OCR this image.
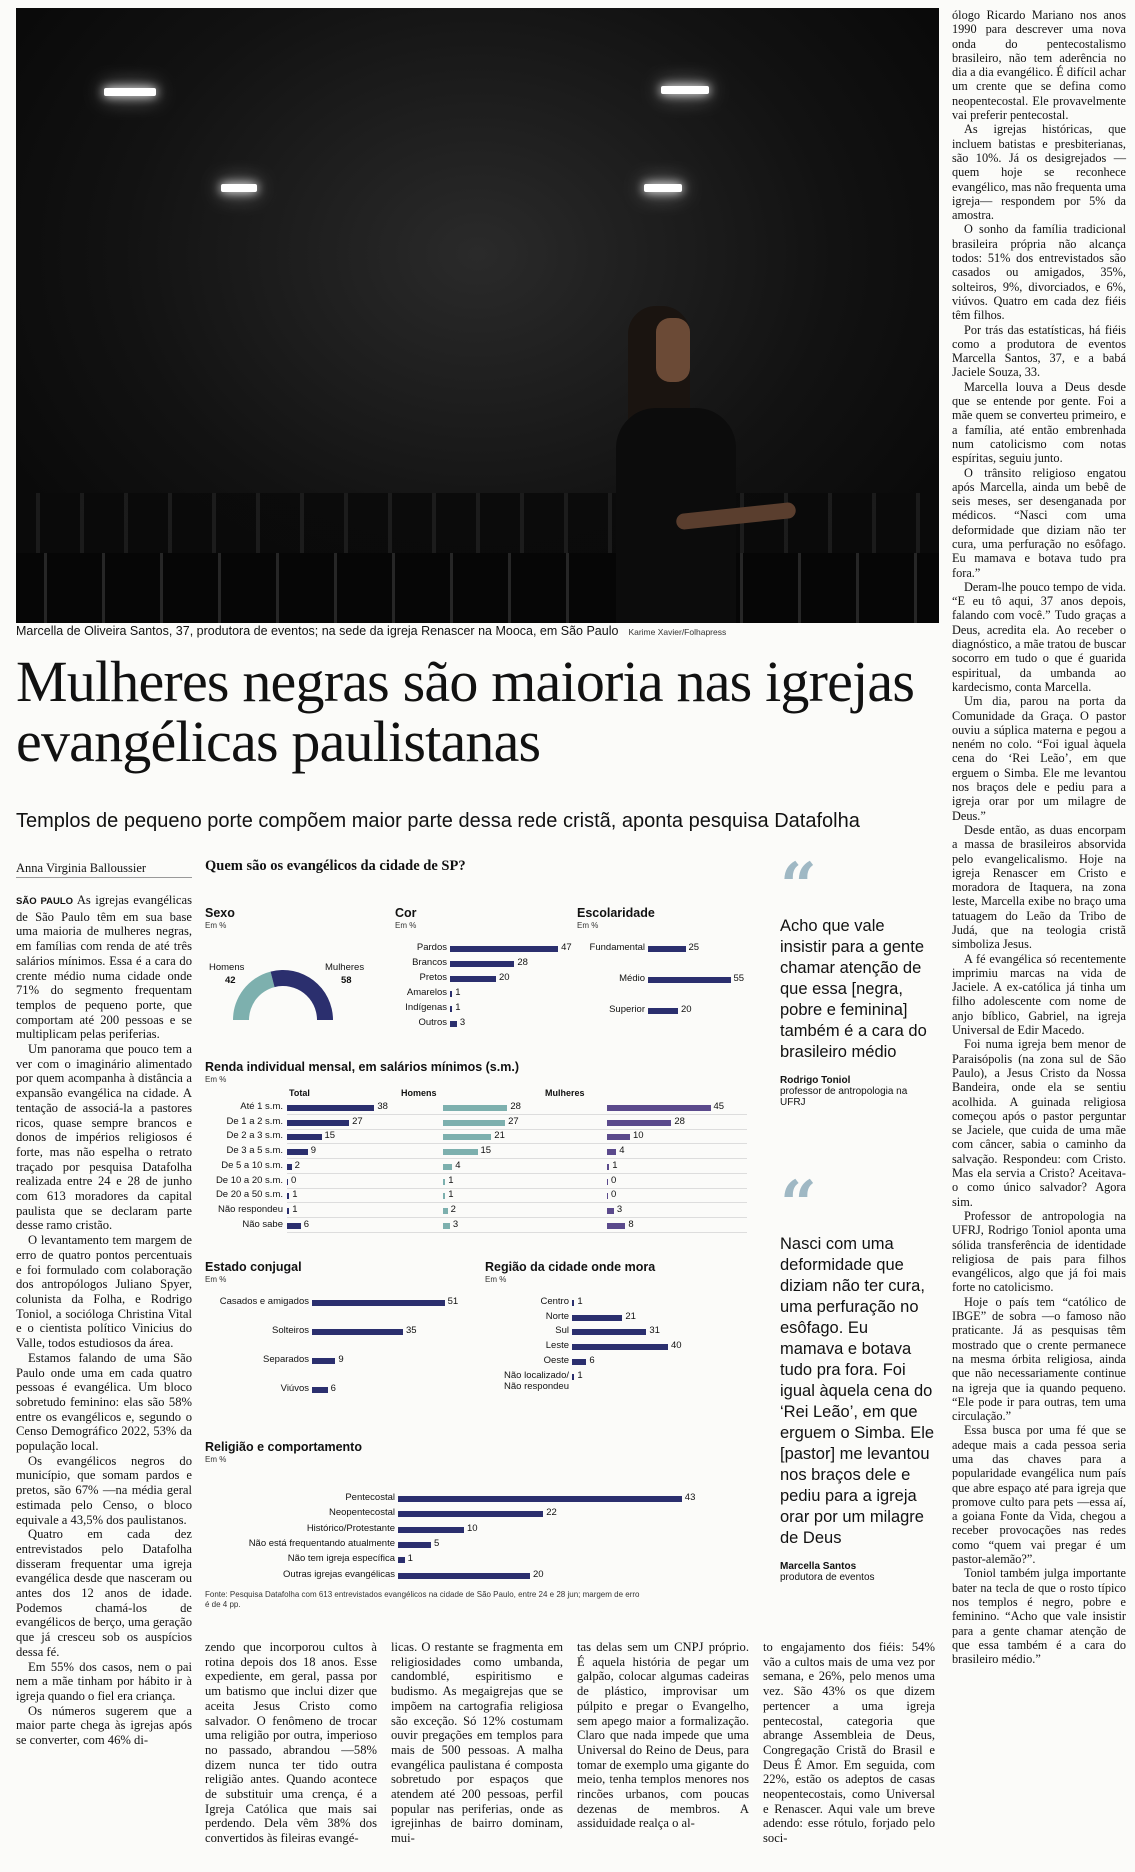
Marcella de Oliveira Santos, 37, produtora de eventos; na sede da igreja Renascer na Mooca, em São Paulo Karime Xavier/Folhapress
Mulheres negras são maioria nas igrejas evangélicas paulistanas
Templos de pequeno porte compõem maior parte dessa rede cristã, aponta pesquisa Datafolha
Anna Virginia Balloussier

SÃO PAULO As igrejas evangélicas de São Paulo têm em sua base uma maioria de mulheres negras, em famílias com renda de até três salários mínimos. Essa é a cara do crente médio numa cidade onde 71% do segmento frequentam templos de pequeno porte, que comportam até 200 pessoas e se multiplicam pelas periferias.

Um panorama que pouco tem a ver com o imaginário alimentado por quem acompanha à distância a expansão evangélica na cidade. A tentação de associá-la a pastores ricos, quase sempre brancos e donos de impérios religiosos é forte, mas não espelha o retrato traçado por pesquisa Datafolha realizada entre 24 e 28 de junho com 613 moradores da capital paulista que se declaram parte desse ramo cristão.

O levantamento tem margem de erro de quatro pontos percentuais e foi formulado com colaboração dos antropólogos Juliano Spyer, colunista da Folha, e Rodrigo Toniol, a socióloga Christina Vital e o cientista político Vinicius do Valle, todos estudiosos da área.

Estamos falando de uma São Paulo onde uma em cada quatro pessoas é evangélica. Um bloco sobretudo feminino: elas são 58% entre os evangélicos e, segundo o Censo Demográfico 2022, 53% da população local.

Os evangélicos negros do município, que somam pardos e pretos, são 67% —na média geral estimada pelo Censo, o bloco equivale a 43,5% dos paulistanos.

Quatro em cada dez entrevistados pelo Datafolha disseram frequentar uma igreja evangélica desde que nasceram ou antes dos 12 anos de idade. Podemos chamá-los de evangélicos de berço, uma geração que já cresceu sob os auspícios dessa fé.

Em 55% dos casos, nem o pai nem a mãe tinham por hábito ir à igreja quando o fiel era criança.

Os números sugerem que a maior parte chega às igrejas após se converter, com 46% di-

Quem são os evangélicos da cidade de SP?
Sexo
Em %
Homens
42
Mulheres
58
Cor
Em %
Pardos	47
Brancos	28
Pretos	20
Amarelos 1
Indígenas 1
Outros 3
Escolaridade
Em %
Fundamental	25
Médio	55
Superior	20
Renda individual mensal, em salários mínimos (s.m.)
Em %
Total	Homens	Mulheres
Até 1 s.m.	38	28	45
De 1 a 2 s.m.	27	27	28
De 2 a 3 s.m.	15	21	10
De 3 a 5 s.m.	9	15	4
De 5 a 10 s.m. 2	4	1
De 10 a 20 s.m. 0	1	0
De 20 a 50 s.m. 1	1	0
Não respondeu 1	2	3
Não sabe 6	3	8
Estado conjugal
Em %
Casados e amigados	51
Solteiros	35
Separados	9
Viúvos 6
Região da cidade onde mora
Em %
Centro 1
Norte	21
Sul	31
Leste	40
Oeste 6
Não localizado/ Não respondeu
1
Religião e comportamento
Em %
Pentecostal	43
Neopentecostal	22
Histórico/Protestante	10
Não está frequentando atualmente	5
Não tem igreja específica 1
Outras igrejas evangélicas	20
Fonte: Pesquisa Datafolha com 613 entrevistados evangélicos na cidade de São Paulo, entre 24 e 28 jun; margem de erro é de 4 pp.
“
Acho que vale insistir para a gente chamar atenção de que essa [negra, pobre e feminina] também é a cara do brasileiro médio
Rodrigo Toniol
professor de antropologia na UFRJ
“
Nasci com uma deformidade que diziam não ter cura, uma perfuração no esôfago. Eu mamava e botava tudo pra fora. Foi igual àquela cena do ‘Rei Leão’, em que erguem o Simba. Ele [pastor] me levantou nos braços dele e pediu para a igreja orar por um milagre de Deus
Marcella Santos
produtora de eventos
zendo que incorporou cultos à rotina depois dos 18 anos. Esse expediente, em geral, passa por um batismo que inclui dizer que aceita Jesus Cristo como salvador. O fenômeno de trocar uma religião por outra, imperioso no passado, abrandou —58% dizem nunca ter tido outra religião antes. Quando acontece de substituir uma crença, é a Igreja Católica que mais sai perdendo. Dela vêm 38% dos convertidos às fileiras evangé-
licas. O restante se fragmenta em religiosidades como umbanda, candomblé, espiritismo e budismo. As megaigrejas que se impõem na cartografia religiosa são exceção. Só 12% costumam ouvir pregações em templos para mais de 500 pessoas. A malha evangélica paulistana é composta sobretudo por espaços que atendem até 200 pessoas, perfil popular nas periferias, onde as igrejinhas de bairro dominam, mui-
tas delas sem um CNPJ próprio. É aquela história de pegar um galpão, colocar algumas cadeiras de plástico, improvisar um púlpito e pregar o Evangelho, sem apego maior a formalização. Claro que nada impede que uma Universal do Reino de Deus, para tomar de exemplo uma gigante do meio, tenha templos menores nos rincões urbanos, com poucas dezenas de membros. A assiduidade realça o al-
to engajamento dos fiéis: 54% vão a cultos mais de uma vez por semana, e 26%, pelo menos uma vez. São 43% os que dizem pertencer a uma igreja pentecostal, categoria que abrange Assembleia de Deus, Congregação Cristã do Brasil e Deus É Amor. Em seguida, com 22%, estão os adeptos de casas neopentecostais, como Universal e Renascer. Aqui vale um breve adendo: esse rótulo, forjado pelo soci-

ólogo Ricardo Mariano nos anos 1990 para descrever uma nova onda do pentecostalismo brasileiro, não tem aderência no dia a dia evangélico. É difícil achar um crente que se defina como neopentecostal. Ele provavelmente vai preferir pentecostal.

As igrejas históricas, que incluem batistas e presbiterianas, são 10%. Já os desigrejados —quem hoje se reconhece evangélico, mas não frequenta uma igreja— respondem por 5% da amostra.

O sonho da família tradicional brasileira própria não alcança todos: 51% dos entrevistados são casados ou amigados, 35%, solteiros, 9%, divorciados, e 6%, viúvos. Quatro em cada dez fiéis têm filhos.

Por trás das estatísticas, há fiéis como a produtora de eventos Marcella Santos, 37, e a babá Jaciele Souza, 33.

Marcella louva a Deus desde que se entende por gente. Foi a mãe quem se converteu primeiro, e a família, até então embrenhada num catolicismo com notas espíritas, seguiu junto.

O trânsito religioso engatou após Marcella, ainda um bebê de seis meses, ser desenganada por médicos. “Nasci com uma deformidade que diziam não ter cura, uma perfuração no esôfago. Eu mamava e botava tudo pra fora.”

Deram-lhe pouco tempo de vida. “E eu tô aqui, 37 anos depois, falando com você.” Tudo graças a Deus, acredita ela. Ao receber o diagnóstico, a mãe tratou de buscar socorro em tudo o que é guarida espiritual, da umbanda ao kardecismo, conta Marcella.

Um dia, parou na porta da Comunidade da Graça. O pastor ouviu a súplica materna e pegou a neném no colo. “Foi igual àquela cena do ‘Rei Leão’, em que erguem o Simba. Ele me levantou nos braços dele e pediu para a igreja orar por um milagre de Deus.”

Desde então, as duas encorpam a massa de brasileiros absorvida pelo evangelicalismo. Hoje na igreja Renascer em Cristo e moradora de Itaquera, na zona leste, Marcella exibe no braço uma tatuagem do Leão da Tribo de Judá, que na teologia cristã simboliza Jesus.

A fé evangélica só recentemente imprimiu marcas na vida de Jaciele. A ex-católica já tinha um filho adolescente com nome de anjo bíblico, Gabriel, na igreja Universal de Edir Macedo.

Foi numa igreja bem menor de Paraisópolis (na zona sul de São Paulo), a Jesus Cristo da Nossa Bandeira, onde ela se sentiu acolhida. A guinada religiosa começou após o pastor perguntar se Jaciele, que cuida de uma mãe com câncer, sabia o caminho da salvação. Respondeu: com Cristo. Mas ela servia a Cristo? Aceitava-o como único salvador? Agora sim.

Professor de antropologia na UFRJ, Rodrigo Toniol aponta uma sólida transferência de identidade religiosa de pais para filhos evangélicos, algo que já foi mais forte no catolicismo.

Hoje o país tem “católico de IBGE” de sobra —o famoso não praticante. Já as pesquisas têm mostrado que o crente permanece na mesma órbita religiosa, ainda que não necessariamente continue na igreja que ia quando pequeno. “Ele pode ir para outras, tem uma circulação.”

Essa busca por uma fé que se adeque mais a cada pessoa seria uma das chaves para a popularidade evangélica num país que abre espaço até para igreja que promove culto para pets —essa aí, a goiana Fonte da Vida, chegou a receber provocações nas redes como “quem vai pregar é um pastor-alemão?”.

Toniol também julga importante bater na tecla de que o rosto típico nos templos é negro, pobre e feminino. “Acho que vale insistir para a gente chamar atenção de que essa também é a cara do brasileiro médio.”
